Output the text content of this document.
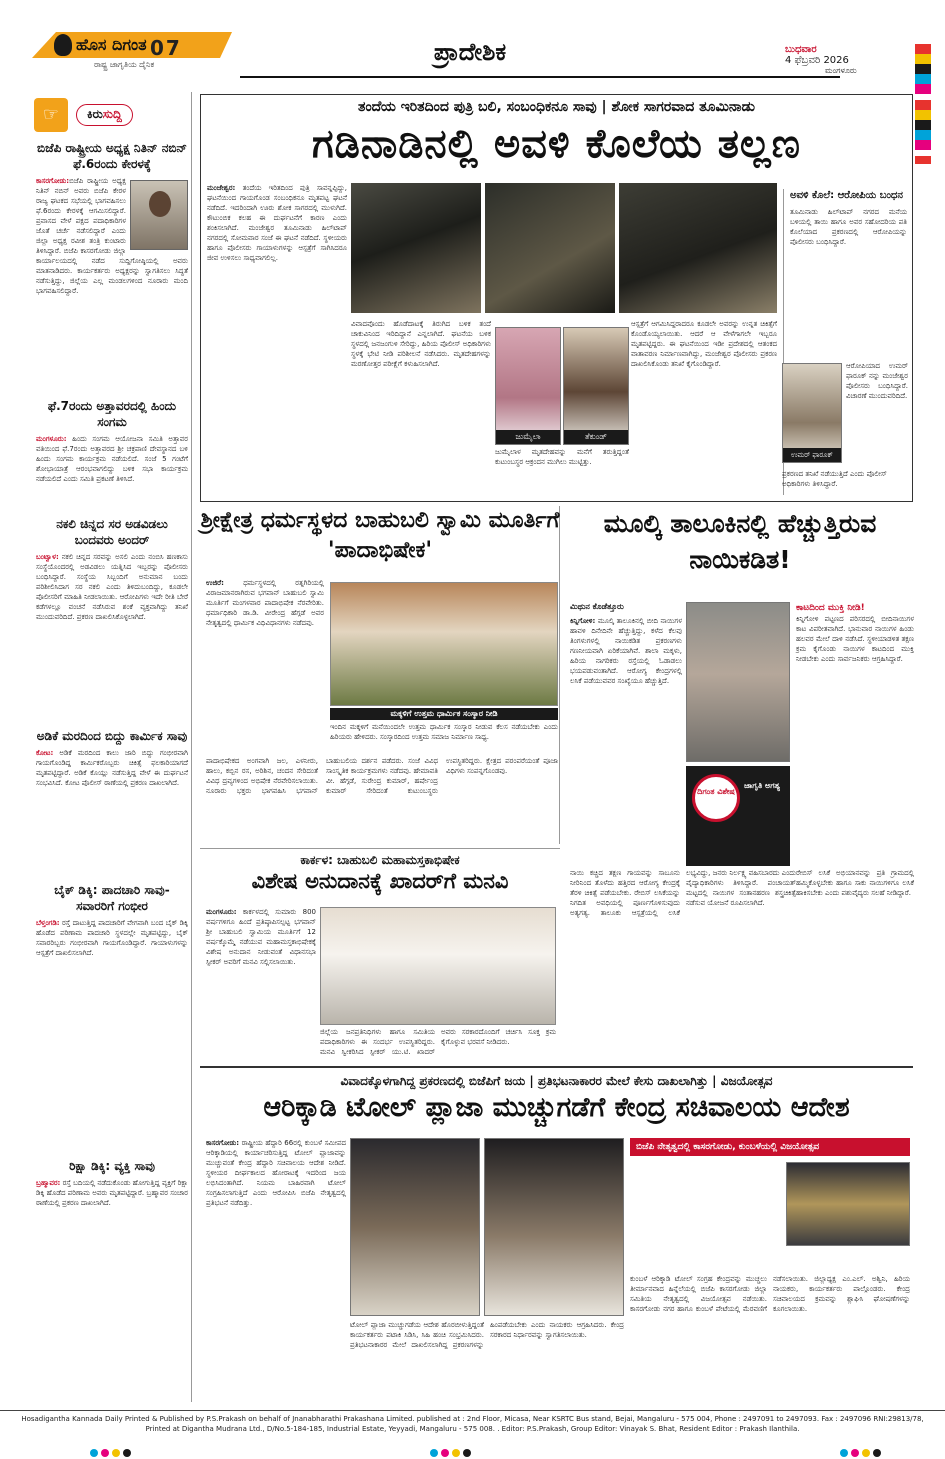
ಹೊಸ ದಿಗಂತ
ರಾಷ್ಟ್ರ ಜಾಗೃತಿಯ ದೈನಿಕ
07	ಪ್ರಾದೇಶಿಕ	ಬುಧವಾರ
4 ಫೆಬ್ರವರಿ 2026
ಮಂಗಳೂರು
☞	ಕಿರುಸುದ್ದಿ
ಬಿಜೆಪಿ ರಾಷ್ಟ್ರೀಯ ಅಧ್ಯಕ್ಷ ನಿತಿನ್ ನಬಿನ್ ಫೆ.6ರಂದು ಕೇರಳಕ್ಕೆ

ಕಾಸರಗೋಡು:
ಬಿಜೆಪಿ ರಾಷ್ಟ್ರೀಯ ಅಧ್ಯಕ್ಷ ನಿತಿನ್ ನಬಿನ್ ಅವರು ಬಿಜೆಪಿ ಕೇರಳ ರಾಜ್ಯ ಘಟಕದ ಸಭೆಯಲ್ಲಿ ಭಾಗವಹಿಸಲು ಫೆ.6ರಂದು ಕೇರಳಕ್ಕೆ ಆಗಮಿಸಲಿದ್ದಾರೆ. ಪ್ರವಾಸದ ವೇಳೆ ಪಕ್ಷದ ಪದಾಧಿಕಾರಿಗಳ ಜೊತೆ ಚರ್ಚೆ ನಡೆಸಲಿದ್ದಾರೆ ಎಂದು ಜಿಲ್ಲಾ ಅಧ್ಯಕ್ಷ ರವೀಶ ತಂತ್ರಿ ಕುಂಟಾರು ತಿಳಿಸಿದ್ದಾರೆ. ಬಿಜೆಪಿ ಕಾಸರಗೋಡು ಜಿಲ್ಲಾ ಕಾರ್ಯಾಲಯದಲ್ಲಿ ನಡೆದ ಸುದ್ದಿಗೋಷ್ಠಿಯಲ್ಲಿ ಅವರು ಮಾತನಾಡಿದರು. ಕಾರ್ಯಕರ್ತರು ಅಧ್ಯಕ್ಷರನ್ನು ಸ್ವಾಗತಿಸಲು ಸಿದ್ಧತೆ ನಡೆಸುತ್ತಿದ್ದು, ಜಿಲ್ಲೆಯ ಎಲ್ಲ ಮಂಡಲಗಳಿಂದ ನೂರಾರು ಮಂದಿ ಭಾಗವಹಿಸಲಿದ್ದಾರೆ.

ಫೆ.7ರಂದು ಅತ್ತಾವರದಲ್ಲಿ ಹಿಂದು ಸಂಗಮ

ಮಂಗಳೂರು: ಹಿಂದು ಸಂಗಮ ಆಯೋಜನಾ ಸಮಿತಿ ಅತ್ತಾವರ ವತಿಯಿಂದ ಫೆ.7ರಂದು ಅತ್ತಾವರದ ಶ್ರೀ ಚಕ್ರಪಾಣಿ ದೇವಸ್ಥಾನದ ಬಳಿ ಹಿಂದು ಸಂಗಮ ಕಾರ್ಯಕ್ರಮ ನಡೆಯಲಿದೆ. ಸಂಜೆ 5 ಗಂಟೆಗೆ ಶೋಭಾಯಾತ್ರೆ ಆರಂಭವಾಗಲಿದ್ದು ಬಳಿಕ ಸಭಾ ಕಾರ್ಯಕ್ರಮ ನಡೆಯಲಿದೆ ಎಂದು ಸಮಿತಿ ಪ್ರಕಟಣೆ ತಿಳಿಸಿದೆ.

ನಕಲಿ ಚಿನ್ನದ ಸರ ಅಡವಿಡಲು ಬಂದವರು ಅಂದರ್

ಬಂಟ್ವಾಳ: ನಕಲಿ ಚಿನ್ನದ ಸರವನ್ನು ಅಸಲಿ ಎಂದು ನಂಬಿಸಿ ಹಣಕಾಸು ಸಂಸ್ಥೆಯೊಂದರಲ್ಲಿ ಅಡವಿಡಲು ಯತ್ನಿಸಿದ ಇಬ್ಬರನ್ನು ಪೊಲೀಸರು ಬಂಧಿಸಿದ್ದಾರೆ. ಸಂಸ್ಥೆಯ ಸಿಬ್ಬಂದಿಗೆ ಅನುಮಾನ ಬಂದು ಪರಿಶೀಲಿಸಿದಾಗ ಸರ ನಕಲಿ ಎಂದು ತಿಳಿದುಬಂದಿದ್ದು, ಕೂಡಲೇ ಪೊಲೀಸರಿಗೆ ಮಾಹಿತಿ ನೀಡಲಾಯಿತು. ಆರೋಪಿಗಳು ಇದೇ ರೀತಿ ಬೇರೆ ಕಡೆಗಳಲ್ಲೂ ವಂಚನೆ ನಡೆಸಿರುವ ಶಂಕೆ ವ್ಯಕ್ತವಾಗಿದ್ದು ತನಿಖೆ ಮುಂದುವರಿದಿದೆ. ಪ್ರಕರಣ ದಾಖಲಿಸಿಕೊಳ್ಳಲಾಗಿದೆ.

ಅಡಿಕೆ ಮರದಿಂದ ಬಿದ್ದು ಕಾರ್ಮಿಕ ಸಾವು

ಕೋಟ: ಅಡಿಕೆ ಮರದಿಂದ ಕಾಲು ಜಾರಿ ಬಿದ್ದು ಗಂಭೀರವಾಗಿ ಗಾಯಗೊಂಡಿದ್ದ ಕಾರ್ಮಿಕರೊಬ್ಬರು ಚಿಕಿತ್ಸೆ ಫಲಕಾರಿಯಾಗದೆ ಮೃತಪಟ್ಟಿದ್ದಾರೆ. ಅಡಿಕೆ ಕೊಯ್ಲು ನಡೆಸುತ್ತಿದ್ದ ವೇಳೆ ಈ ದುರ್ಘಟನೆ ಸಂಭವಿಸಿದೆ. ಕೋಟ ಪೊಲೀಸ್ ಠಾಣೆಯಲ್ಲಿ ಪ್ರಕರಣ ದಾಖಲಾಗಿದೆ.

ಬೈಕ್ ಡಿಕ್ಕಿ: ಪಾದಚಾರಿ ಸಾವು-ಸವಾರರಿಗೆ ಗಂಭೀರ

ಬೆಳ್ತಂಗಡಿ: ರಸ್ತೆ ದಾಟುತ್ತಿದ್ದ ಪಾದಚಾರಿಗೆ ವೇಗವಾಗಿ ಬಂದ ಬೈಕ್ ಡಿಕ್ಕಿ ಹೊಡೆದ ಪರಿಣಾಮ ಪಾದಚಾರಿ ಸ್ಥಳದಲ್ಲೇ ಮೃತಪಟ್ಟಿದ್ದು, ಬೈಕ್ ಸವಾರರಿಬ್ಬರು ಗಂಭೀರವಾಗಿ ಗಾಯಗೊಂಡಿದ್ದಾರೆ. ಗಾಯಾಳುಗಳನ್ನು ಆಸ್ಪತ್ರೆಗೆ ದಾಖಲಿಸಲಾಗಿದೆ.

ರಿಕ್ಷಾ ಡಿಕ್ಕಿ: ವ್ಯಕ್ತಿ ಸಾವು

ಬ್ರಹ್ಮಾವರ: ರಸ್ತೆ ಬದಿಯಲ್ಲಿ ನಡೆದುಕೊಂಡು ಹೋಗುತ್ತಿದ್ದ ವ್ಯಕ್ತಿಗೆ ರಿಕ್ಷಾ ಡಿಕ್ಕಿ ಹೊಡೆದ ಪರಿಣಾಮ ಅವರು ಮೃತಪಟ್ಟಿದ್ದಾರೆ. ಬ್ರಹ್ಮಾವರ ಸಂಚಾರ ಠಾಣೆಯಲ್ಲಿ ಪ್ರಕರಣ ದಾಖಲಾಗಿದೆ.

ತಂದೆಯ ಇರಿತದಿಂದ ಪುತ್ರಿ ಬಲಿ, ಸಂಬಂಧಿಕನೂ ಸಾವು | ಶೋಕ ಸಾಗರವಾದ ತೂಮಿನಾಡು
ಗಡಿನಾಡಿನಲ್ಲಿ ಅವಳಿ ಕೊಲೆಯ ತಲ್ಲಣ
ಮಂಜೇಶ್ವರ: ತಂದೆಯ ಇರಿತದಿಂದ ಪುತ್ರಿ ಸಾವನ್ನಪ್ಪಿದ್ದು, ಘಟನೆಯಿಂದ ಗಾಯಗೊಂಡ ಸಂಬಂಧಿಕನೂ ಮೃತಪಟ್ಟ ಘಟನೆ ನಡೆದಿದೆ. ಇದರಿಂದಾಗಿ ಊರು ಶೋಕ ಸಾಗರದಲ್ಲಿ ಮುಳುಗಿದೆ. ಕೌಟುಂಬಿಕ ಕಲಹ ಈ ದುರ್ಘಟನೆಗೆ ಕಾರಣ ಎಂದು ಶಂಕಿಸಲಾಗಿದೆ. ಮಂಜೇಶ್ವರ ತೂಮಿನಾಡು ಹಿಲ್‌ಟಾಪ್ ನಗರದಲ್ಲಿ ಸೋಮವಾರ ಸಂಜೆ ಈ ಘಟನೆ ನಡೆದಿದೆ. ಸ್ಥಳೀಯರು ಹಾಗೂ ಪೊಲೀಸರು ಗಾಯಾಳುಗಳನ್ನು ಆಸ್ಪತ್ರೆಗೆ ಸಾಗಿಸಿದರೂ ಜೀವ ಉಳಿಸಲು ಸಾಧ್ಯವಾಗಲಿಲ್ಲ.
ವಿವಾದವೊಂದು ಹೊಡೆದಾಟಕ್ಕೆ ತಿರುಗಿದ ಬಳಿಕ ತಂದೆ ಚಾಕುವಿನಿಂದ ಇರಿದಿದ್ದಾನೆ ಎನ್ನಲಾಗಿದೆ. ಘಟನೆಯ ಬಳಿಕ ಸ್ಥಳದಲ್ಲಿ ಜನಜಂಗುಳಿ ಸೇರಿದ್ದು, ಹಿರಿಯ ಪೊಲೀಸ್ ಅಧಿಕಾರಿಗಳು ಸ್ಥಳಕ್ಕೆ ಭೇಟಿ ನೀಡಿ ಪರಿಶೀಲನೆ ನಡೆಸಿದರು. ಮೃತದೇಹಗಳನ್ನು ಮರಣೋತ್ತರ ಪರೀಕ್ಷೆಗೆ ಕಳುಹಿಸಲಾಗಿದೆ.
ಜುಮೈಲಾ	ತೆಕುಂಡ್
ಆಸ್ಪತ್ರೆಗೆ ಆಗಮಿಸಿದ್ದರಾದರೂ ಕೂಡಲೇ ಅವರನ್ನು ಉನ್ನತ ಚಿಕಿತ್ಸೆಗೆ ಕೊಂಡೊಯ್ಯಲಾಯಿತು. ಆದರೆ ಆ ವೇಳೆಗಾಗಲೇ ಇಬ್ಬರೂ ಮೃತಪಟ್ಟಿದ್ದರು. ಈ ಘಟನೆಯಿಂದ ಇಡೀ ಪ್ರದೇಶದಲ್ಲಿ ಆತಂಕದ ವಾತಾವರಣ ನಿರ್ಮಾಣವಾಗಿದ್ದು, ಮಂಜೇಶ್ವರ ಪೊಲೀಸರು ಪ್ರಕರಣ ದಾಖಲಿಸಿಕೊಂಡು ತನಿಖೆ ಕೈಗೊಂಡಿದ್ದಾರೆ.
ಜುಮೈಲಾಳ ಮೃತದೇಹವನ್ನು ಮನೆಗೆ ತರುತ್ತಿದ್ದಂತೆ ಕುಟುಂಬಸ್ಥರ ಆಕ್ರಂದನ ಮುಗಿಲು ಮುಟ್ಟಿತ್ತು.
ಅವಳಿ ಕೊಲೆ: ಆರೋಪಿಯ ಬಂಧನ

ತೂಮಿನಾಡು ಹಿಲ್‌ಟಾಪ್ ನಗರದ ಮನೆಯ ಬಳಿಯಲ್ಲಿ ತಾಯಿ ಹಾಗೂ ಅವರ ಸಹೋದರಿಯ ಪತಿ ಕೊಲೆಯಾದ ಪ್ರಕರಣದಲ್ಲಿ ಆರೋಪಿಯನ್ನು ಪೊಲೀಸರು ಬಂಧಿಸಿದ್ದಾರೆ.

ಉಮರ್ ಫಾರೂಕ್
ಆರೋಪಿಯಾದ ಉಮರ್ ಫಾರೂಕ್ ನನ್ನು ಮಂಜೇಶ್ವರ ಪೊಲೀಸರು ಬಂಧಿಸಿದ್ದಾರೆ. ವಿಚಾರಣೆ ಮುಂದುವರಿದಿದೆ.
ಪ್ರಕರಣದ ತನಿಖೆ ನಡೆಯುತ್ತಿದೆ ಎಂದು ಪೊಲೀಸ್ ಅಧಿಕಾರಿಗಳು ತಿಳಿಸಿದ್ದಾರೆ.
ಶ್ರೀಕ್ಷೇತ್ರ ಧರ್ಮಸ್ಥಳದ ಬಾಹುಬಲಿ ಸ್ವಾಮಿ ಮೂರ್ತಿಗೆ 'ಪಾದಾಭಿಷೇಕ'
ಉಜಿರೆ:	ಧರ್ಮಸ್ಥಳದಲ್ಲಿ ರತ್ನಗಿರಿಯಲ್ಲಿ ವಿರಾಜಮಾನರಾಗಿರುವ ಭಗವಾನ್ ಬಾಹುಬಲಿ ಸ್ವಾಮಿ ಮೂರ್ತಿಗೆ ಮಂಗಳವಾರ ಪಾದಾಭಿಷೇಕ ನೆರವೇರಿತು. ಧರ್ಮಾಧಿಕಾರಿ ಡಾ.ಡಿ. ವೀರೇಂದ್ರ ಹೆಗ್ಗಡೆ ಅವರ ನೇತೃತ್ವದಲ್ಲಿ ಧಾರ್ಮಿಕ ವಿಧಿವಿಧಾನಗಳು ನಡೆದವು.
ಮಕ್ಕಳಿಗೆ ಉತ್ತಮ ಧಾರ್ಮಿಕ ಸಂಸ್ಕಾರ ನೀಡಿ
ಇಂದಿನ ಮಕ್ಕಳಿಗೆ ಮನೆಯಿಂದಲೇ ಉತ್ತಮ ಧಾರ್ಮಿಕ ಸಂಸ್ಕಾರ ನೀಡುವ ಕೆಲಸ ನಡೆಯಬೇಕು ಎಂದು ಹಿರಿಯರು ಹೇಳಿದರು. ಸಂಸ್ಕಾರದಿಂದ ಉತ್ತಮ ಸಮಾಜ ನಿರ್ಮಾಣ ಸಾಧ್ಯ.
ಪಾದಾಭಿಷೇಕದ ಅಂಗವಾಗಿ ಜಲ, ಎಳನೀರು, ಹಾಲು, ಕಬ್ಬಿನ ರಸ, ಅರಿಶಿನ, ಚಂದನ ಸೇರಿದಂತೆ ವಿವಿಧ ದ್ರವ್ಯಗಳಿಂದ ಅಭಿಷೇಕ ನೆರವೇರಿಸಲಾಯಿತು. ನೂರಾರು ಭಕ್ತರು ಭಾಗವಹಿಸಿ ಭಗವಾನ್ ಬಾಹುಬಲಿಯ ದರ್ಶನ ಪಡೆದರು. ಸಂಜೆ ವಿವಿಧ ಸಾಂಸ್ಕೃತಿಕ ಕಾರ್ಯಕ್ರಮಗಳು ನಡೆದವು. ಹೇಮಾವತಿ ವೀ. ಹೆಗ್ಗಡೆ, ಸುರೇಂದ್ರ ಕುಮಾರ್, ಹರ್ಷೇಂದ್ರ ಕುಮಾರ್ ಸೇರಿದಂತೆ ಕುಟುಂಬಸ್ಥರು ಉಪಸ್ಥಿತರಿದ್ದರು. ಕ್ಷೇತ್ರದ ಪರಂಪರೆಯಂತೆ ಪೂಜಾ ವಿಧಿಗಳು ಸಂಪನ್ನಗೊಂಡವು.
ಮೂಲ್ಕಿ ತಾಲೂಕಿನಲ್ಲಿ ಹೆಚ್ಚುತ್ತಿರುವ ನಾಯಿಕಡಿತ!
ಮಿಥುನ ಕೊಡೆತ್ತೂರು
ಕಿನ್ನಿಗೋಳಿ: ಮೂಲ್ಕಿ ತಾಲೂಕಿನಲ್ಲಿ ಬೀದಿ ನಾಯಿಗಳ ಹಾವಳಿ ದಿನೇದಿನೇ ಹೆಚ್ಚುತ್ತಿದ್ದು, ಕಳೆದ ಕೆಲವು ತಿಂಗಳುಗಳಲ್ಲಿ ನಾಯಿಕಡಿತ ಪ್ರಕರಣಗಳು ಗಣನೀಯವಾಗಿ ಏರಿಕೆಯಾಗಿವೆ. ಶಾಲಾ ಮಕ್ಕಳು, ಹಿರಿಯ ನಾಗರಿಕರು ರಸ್ತೆಯಲ್ಲಿ ಓಡಾಡಲು ಭಯಪಡುವಂತಾಗಿದೆ. ಆರೋಗ್ಯ ಕೇಂದ್ರಗಳಲ್ಲಿ ಲಸಿಕೆ ಪಡೆಯುವವರ ಸಂಖ್ಯೆಯೂ ಹೆಚ್ಚುತ್ತಿದೆ.
ಕಾಟದಿಂದ ಮುಕ್ತಿ ನೀಡಿ!
ಕಿನ್ನಿಗೋಳಿ ಪಟ್ಟಣದ ಪರಿಸರದಲ್ಲಿ ಬೀದಿನಾಯಿಗಳ ಕಾಟ ವಿಪರೀತವಾಗಿದೆ. ಭಾನುವಾರ ನಾಯಿಗಳ ಹಿಂಡು ಹಲವರ ಮೇಲೆ ದಾಳಿ ನಡೆಸಿದೆ. ಸ್ಥಳೀಯಾಡಳಿತ ತಕ್ಷಣ ಕ್ರಮ ಕೈಗೊಂಡು ನಾಯಿಗಳ ಕಾಟದಿಂದ ಮುಕ್ತಿ ನೀಡಬೇಕು ಎಂದು ಸಾರ್ವಜನಿಕರು ಆಗ್ರಹಿಸಿದ್ದಾರೆ.
ದಿಗಂತ ವಿಶೇಷ
ಜಾಗೃತಿ ಅಗತ್ಯ
ನಾಯಿ ಕಚ್ಚಿದ ತಕ್ಷಣ ಗಾಯವನ್ನು ಸಾಬೂನು ನೀರಿನಿಂದ ತೊಳೆದು ಹತ್ತಿರದ ಆರೋಗ್ಯ ಕೇಂದ್ರಕ್ಕೆ ತೆರಳಿ ಚಿಕಿತ್ಸೆ ಪಡೆಯಬೇಕು. ರೇಬಿಸ್ ಲಸಿಕೆಯನ್ನು ನಿಗದಿತ ಅವಧಿಯಲ್ಲಿ ಪೂರ್ಣಗೊಳಿಸುವುದು ಅತ್ಯಗತ್ಯ. ತಾಲೂಕು ಆಸ್ಪತ್ರೆಯಲ್ಲಿ ಲಸಿಕೆ ಲಭ್ಯವಿದ್ದು, ಜನರು ನಿರ್ಲಕ್ಷ್ಯ ವಹಿಸಬಾರದು ಎಂದು ವೈದ್ಯಾಧಿಕಾರಿಗಳು ತಿಳಿಸಿದ್ದಾರೆ. ಪಂಚಾಯತ್ ಮಟ್ಟದಲ್ಲಿ ನಾಯಿಗಳ ಸಂತಾನಹರಣ ಶಸ್ತ್ರಚಿಕಿತ್ಸೆ ನಡೆಸುವ ಯೋಜನೆ ರೂಪಿಸಲಾಗಿದೆ.
ರೇಬಿಸ್ ಲಸಿಕೆ ಅಭಿಯಾನವನ್ನು ಪ್ರತಿ ಗ್ರಾಮದಲ್ಲಿ ಹಮ್ಮಿಕೊಳ್ಳಬೇಕು ಹಾಗೂ ಸಾಕು ನಾಯಿಗಳಿಗೂ ಲಸಿಕೆ ಹಾಕಿಸಬೇಕು ಎಂದು ಪಶುವೈದ್ಯರು ಸಲಹೆ ನೀಡಿದ್ದಾರೆ.
ಕಾರ್ಕಳ: ಬಾಹುಬಲಿ ಮಹಾಮಸ್ತಕಾಭಿಷೇಕ
ವಿಶೇಷ ಅನುದಾನಕ್ಕೆ ಖಾದರ್‌ಗೆ ಮನವಿ
ಮಂಗಳೂರು: ಕಾರ್ಕಳದಲ್ಲಿ ಸುಮಾರು 800 ವರ್ಷಗಳಿಗೂ ಹಿಂದೆ ಪ್ರತಿಷ್ಠಾಪಿಸಲ್ಪಟ್ಟ ಭಗವಾನ್ ಶ್ರೀ ಬಾಹುಬಲಿ ಸ್ವಾಮಿಯ ಮೂರ್ತಿಗೆ 12 ವರ್ಷಕ್ಕೊಮ್ಮೆ ನಡೆಯುವ ಮಹಾಮಸ್ತಕಾಭಿಷೇಕಕ್ಕೆ ವಿಶೇಷ ಅನುದಾನ ನೀಡುವಂತೆ ವಿಧಾನಸಭಾ ಸ್ಪೀಕರ್ ಅವರಿಗೆ ಮನವಿ ಸಲ್ಲಿಸಲಾಯಿತು.
ಜಿಲ್ಲೆಯ ಜನಪ್ರತಿನಿಧಿಗಳು ಹಾಗೂ ಸಮಿತಿಯ ಪದಾಧಿಕಾರಿಗಳು ಈ ಸಂದರ್ಭ ಉಪಸ್ಥಿತರಿದ್ದರು. ಮನವಿ ಸ್ವೀಕರಿಸಿದ ಸ್ಪೀಕರ್ ಯು.ಟಿ. ಖಾದರ್ ಅವರು ಸರಕಾರದೊಂದಿಗೆ ಚರ್ಚಿಸಿ ಸೂಕ್ತ ಕ್ರಮ ಕೈಗೊಳ್ಳುವ ಭರವಸೆ ನೀಡಿದರು.
ವಿವಾದಕ್ಕೊಳಗಾಗಿದ್ದ ಪ್ರಕರಣದಲ್ಲಿ ಬಿಜೆಪಿಗೆ ಜಯ | ಪ್ರತಿಭಟನಾಕಾರರ ಮೇಲೆ ಕೇಸು ದಾಖಲಾಗಿತ್ತು | ವಿಜಯೋತ್ಸವ
ಆರಿಕ್ಕಾಡಿ ಟೋಲ್ ಪ್ಲಾಜಾ ಮುಚ್ಚುಗಡೆಗೆ ಕೇಂದ್ರ ಸಚಿವಾಲಯ ಆದೇಶ
ಕಾಸರಗೋಡು: ರಾಷ್ಟ್ರೀಯ ಹೆದ್ದಾರಿ 66ರಲ್ಲಿ ಕುಂಬಳೆ ಸಮೀಪದ ಆರಿಕ್ಕಾಡಿಯಲ್ಲಿ ಕಾರ್ಯಾಚರಿಸುತ್ತಿದ್ದ ಟೋಲ್ ಪ್ಲಾಜಾವನ್ನು ಮುಚ್ಚುವಂತೆ ಕೇಂದ್ರ ಹೆದ್ದಾರಿ ಸಚಿವಾಲಯ ಆದೇಶ ನೀಡಿದೆ. ಸ್ಥಳೀಯರ ದೀರ್ಘಕಾಲದ ಹೋರಾಟಕ್ಕೆ ಇದರಿಂದ ಜಯ ಲಭಿಸಿದಂತಾಗಿದೆ. ನಿಯಮ ಬಾಹಿರವಾಗಿ ಟೋಲ್ ಸಂಗ್ರಹಿಸಲಾಗುತ್ತಿದೆ ಎಂದು ಆರೋಪಿಸಿ ಬಿಜೆಪಿ ನೇತೃತ್ವದಲ್ಲಿ ಪ್ರತಿಭಟನೆ ನಡೆದಿತ್ತು.
ಟೋಲ್ ಪ್ಲಾಜಾ ಮುಚ್ಚುಗಡೆಯ ಆದೇಶ ಹೊರಬೀಳುತ್ತಿದ್ದಂತೆ ಕಾರ್ಯಕರ್ತರು ಪಟಾಕಿ ಸಿಡಿಸಿ, ಸಿಹಿ ಹಂಚಿ ಸಂಭ್ರಮಿಸಿದರು. ಪ್ರತಿಭಟನಾಕಾರರ ಮೇಲೆ ದಾಖಲಿಸಲಾಗಿದ್ದ ಪ್ರಕರಣಗಳನ್ನು ಹಿಂಪಡೆಯಬೇಕು ಎಂದು ನಾಯಕರು ಆಗ್ರಹಿಸಿದರು. ಕೇಂದ್ರ ಸರಕಾರದ ನಿರ್ಧಾರವನ್ನು ಸ್ವಾಗತಿಸಲಾಯಿತು.
ಬಿಜೆಪಿ ನೇತೃತ್ವದಲ್ಲಿ ಕಾಸರಗೋಡು, ಕುಂಬಳೆಯಲ್ಲಿ ವಿಜಯೋತ್ಸವ
ಕುಂಬಳೆ ಆರಿಕ್ಕಾಡಿ ಟೋಲ್ ಸಂಗ್ರಹ ಕೇಂದ್ರವನ್ನು ಮುಚ್ಚಲು ತೀರ್ಮಾನವಾದ ಹಿನ್ನೆಲೆಯಲ್ಲಿ ಬಿಜೆಪಿ ಕಾಸರಗೋಡು ಜಿಲ್ಲಾ ಸಮಿತಿಯ ನೇತೃತ್ವದಲ್ಲಿ ವಿಜಯೋತ್ಸವ ನಡೆಯಿತು. ಕಾಸರಗೋಡು ನಗರ ಹಾಗೂ ಕುಂಬಳೆ ಪೇಟೆಯಲ್ಲಿ ಮೆರವಣಿಗೆ ನಡೆಸಲಾಯಿತು. ಜಿಲ್ಲಾಧ್ಯಕ್ಷ ಎಂ.ಎಲ್. ಅಶ್ವಿನಿ, ಹಿರಿಯ ನಾಯಕರು, ಕಾರ್ಯಕರ್ತರು ಪಾಲ್ಗೊಂಡರು. ಕೇಂದ್ರ ಸಚಿವಾಲಯದ ಕ್ರಮವನ್ನು ಶ್ಲಾಘಿಸಿ ಘೋಷಣೆಗಳನ್ನು ಕೂಗಲಾಯಿತು.
Hosadigantha Kannada Daily Printed & Published by P.S.Prakash on behalf of Jnanabharathi Prakashana Limited. published at : 2nd Floor, Micasa, Near KSRTC Bus stand, Bejai, Mangaluru - 575 004, Phone : 2497091 to 2497093. Fax : 2497096 RNI:29813/78,
Printed at Digantha Mudrana Ltd., D/No.5-184-185, Industrial Estate, Yeyyadi, Mangaluru - 575 008. . Editor: P.S.Prakash, Group Editor: Vinayak S. Bhat, Resident Editor : Prakash Ilanthila.
